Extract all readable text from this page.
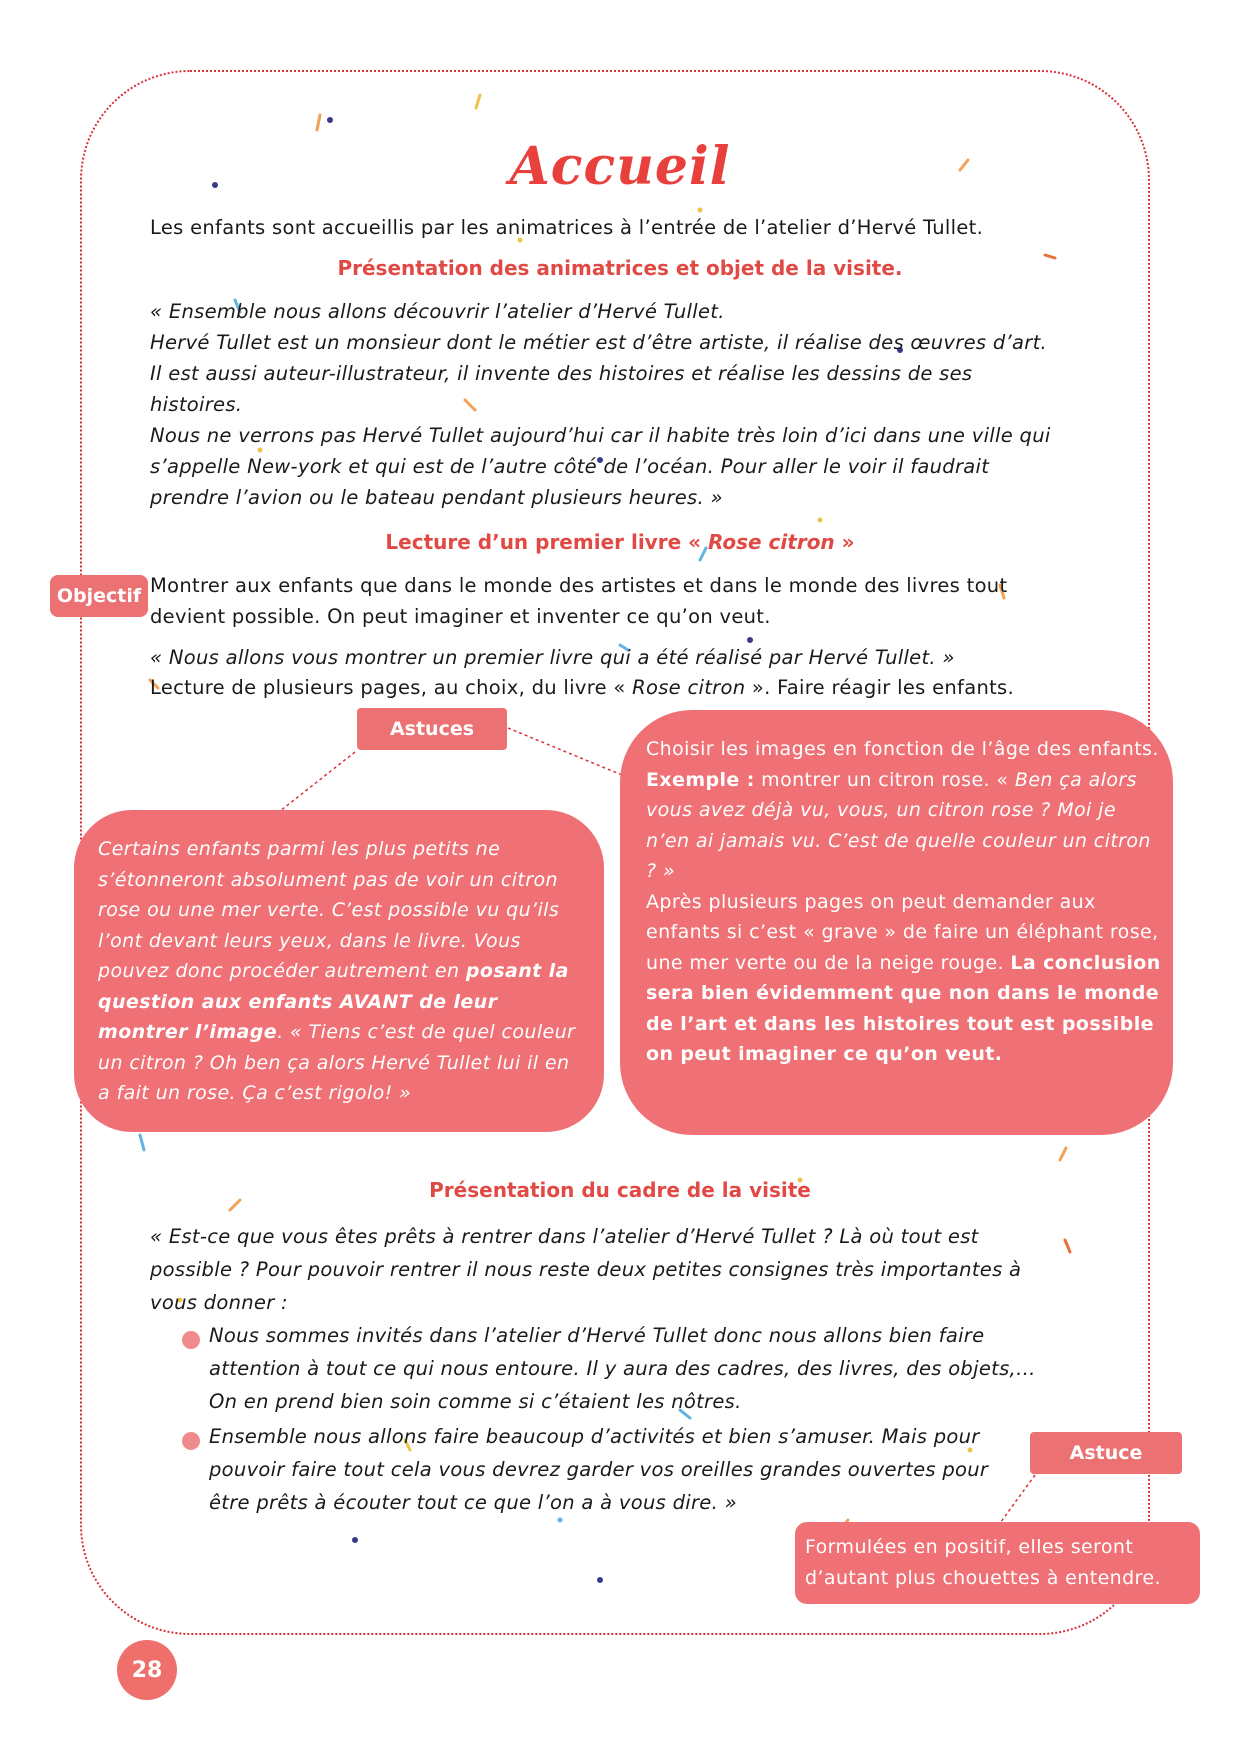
Accueil
Les enfants sont accueillis par les animatrices à l’entrée de l’atelier d’Hervé Tullet.
Présentation des animatrices et objet de la visite.
« Ensemble nous allons découvrir l’atelier d’Hervé Tullet.
Hervé Tullet est un monsieur dont le métier est d’être artiste, il réalise des œuvres d’art.
Il est aussi auteur-illustrateur, il invente des histoires et réalise les dessins de ses
histoires.
Nous ne verrons pas Hervé Tullet aujourd’hui car il habite très loin d’ici dans une ville qui
s’appelle New-york et qui est de l’autre côté de l’océan. Pour aller le voir il faudrait
prendre l’avion ou le bateau pendant plusieurs heures. »
Lecture d’un premier livre « Rose citron »
Objectif Montrer aux enfants que dans le monde des artistes et dans le monde des livres tout
devient possible. On peut imaginer et inventer ce qu’on veut.
« Nous allons vous montrer un premier livre qui a été réalisé par Hervé Tullet. »
Lecture de plusieurs pages, au choix, du livre « Rose citron ». Faire réagir les enfants.
Astuces
Certains enfants parmi les plus petits ne s’étonneront absolument pas de voir un citron rose ou une mer verte. C’est possible vu qu’ils l’ont devant leurs yeux, dans le livre. Vous pouvez donc procéder autrement en posant la question aux enfants AVANT de leur montrer l’image. « Tiens c’est de quel couleur un citron ? Oh ben ça alors Hervé Tullet lui il en a fait un rose. Ça c’est rigolo! »
Choisir les images en fonction de l’âge des enfants.
Exemple : montrer un citron rose. « Ben ça alors vous avez déjà vu, vous, un citron rose ? Moi je n’en ai jamais vu. C’est de quelle couleur un citron ? »
Après plusieurs pages on peut demander aux enfants si c’est « grave » de faire un éléphant rose, une mer verte ou de la neige rouge. La conclusion sera bien évidemment que non dans le monde de l’art et dans les histoires tout est possible on peut imaginer ce qu’on veut.
Présentation du cadre de la visite
« Est-ce que vous êtes prêts à rentrer dans l’atelier d’Hervé Tullet ? Là où tout est
possible ? Pour pouvoir rentrer il nous reste deux petites consignes très importantes à
vous donner :
Nous sommes invités dans l’atelier d’Hervé Tullet donc nous allons bien faire
attention à tout ce qui nous entoure. Il y aura des cadres, des livres, des objets,…
On en prend bien soin comme si c’étaient les nôtres.
Ensemble nous allons faire beaucoup d’activités et bien s’amuser. Mais pour
pouvoir faire tout cela vous devrez garder vos oreilles grandes ouvertes pour
être prêts à écouter tout ce que l’on a à vous dire. »
Astuce
Formulées en positif, elles seront d’autant plus chouettes à entendre.
28
